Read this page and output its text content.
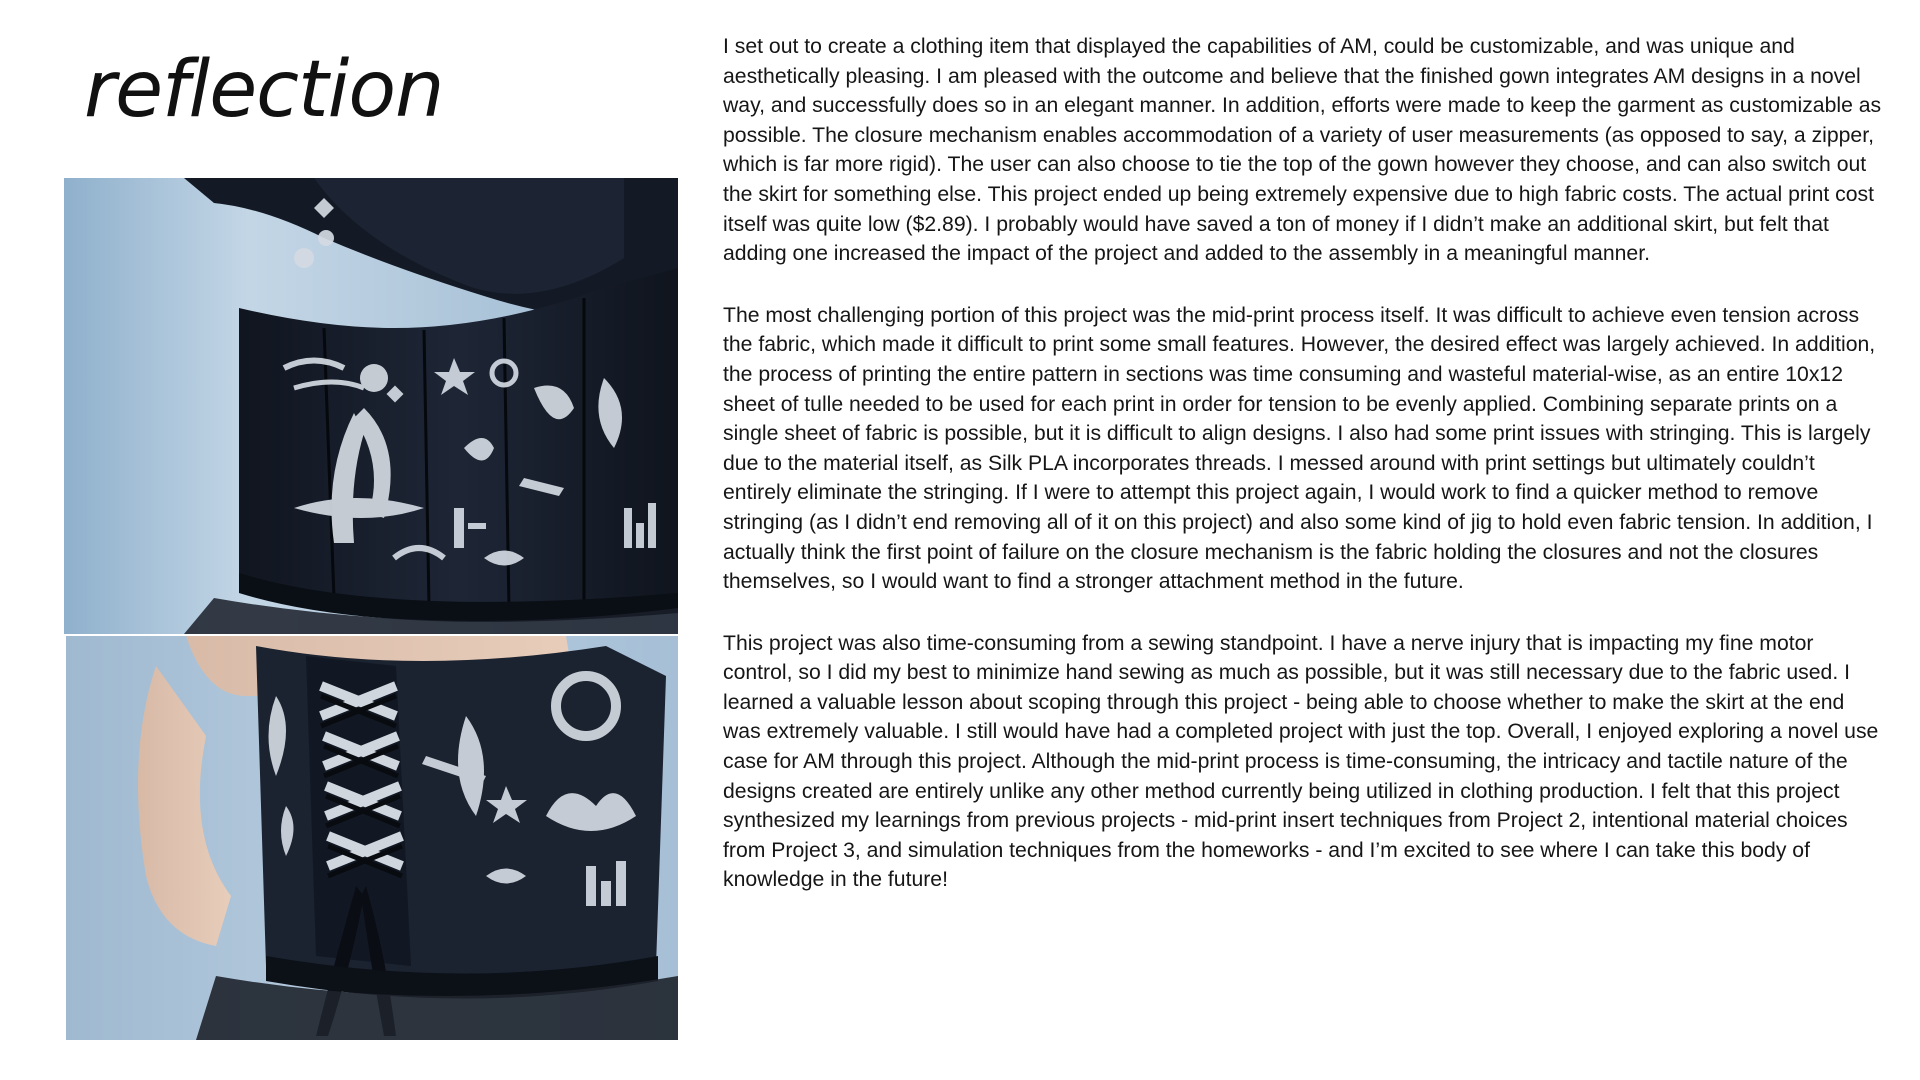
reflection	I set out to create a clothing item that displayed the capabilities of AM, could be customizable, and was unique and aesthetically pleasing. I am pleased with the outcome and believe that the finished gown integrates AM designs in a novel way, and successfully does so in an elegant manner. In addition, efforts were made to keep the garment as customizable as possible. The closure mechanism enables accommodation of a variety of user measurements (as opposed to say, a zipper, which is far more rigid). The user can also choose to tie the top of the gown however they choose, and can also switch out the skirt for something else. This project ended up being extremely expensive due to high fabric costs. The actual print cost itself was quite low ($2.89). I probably would have saved a ton of money if I didn’t make an additional skirt, but felt that adding one increased the impact of the project and added to the assembly in a meaningful manner.

The most challenging portion of this project was the mid-print process itself. It was difficult to achieve even tension across the fabric, which made it difficult to print some small features. However, the desired effect was largely achieved. In addition, the process of printing the entire pattern in sections was time consuming and wasteful material-wise, as an entire 10x12 sheet of tulle needed to be used for each print in order for tension to be evenly applied. Combining separate prints on a single sheet of fabric is possible, but it is difficult to align designs. I also had some print issues with stringing. This is largely due to the material itself, as Silk PLA incorporates threads. I messed around with print settings but ultimately couldn’t entirely eliminate the stringing. If I were to attempt this project again, I would work to find a quicker method to remove stringing (as I didn’t end removing all of it on this project) and also some kind of jig to hold even fabric tension. In addition, I actually think the first point of failure on the closure mechanism is the fabric holding the closures and not the closures themselves, so I would want to find a stronger attachment method in the future.

This project was also time-consuming from a sewing standpoint. I have a nerve injury that is impacting my fine motor control, so I did my best to minimize hand sewing as much as possible, but it was still necessary due to the fabric used. I learned a valuable lesson about scoping through this project - being able to choose whether to make the skirt at the end was extremely valuable. I still would have had a completed project with just the top. Overall, I enjoyed exploring a novel use case for AM through this project. Although the mid-print process is time-consuming, the intricacy and tactile nature of the designs created are entirely unlike any other method currently being utilized in clothing production. I felt that this project synthesized my learnings from previous projects - mid-print insert techniques from Project 2, intentional material choices from Project 3, and simulation techniques from the homeworks - and I’m excited to see where I can take this body of knowledge in the future!
